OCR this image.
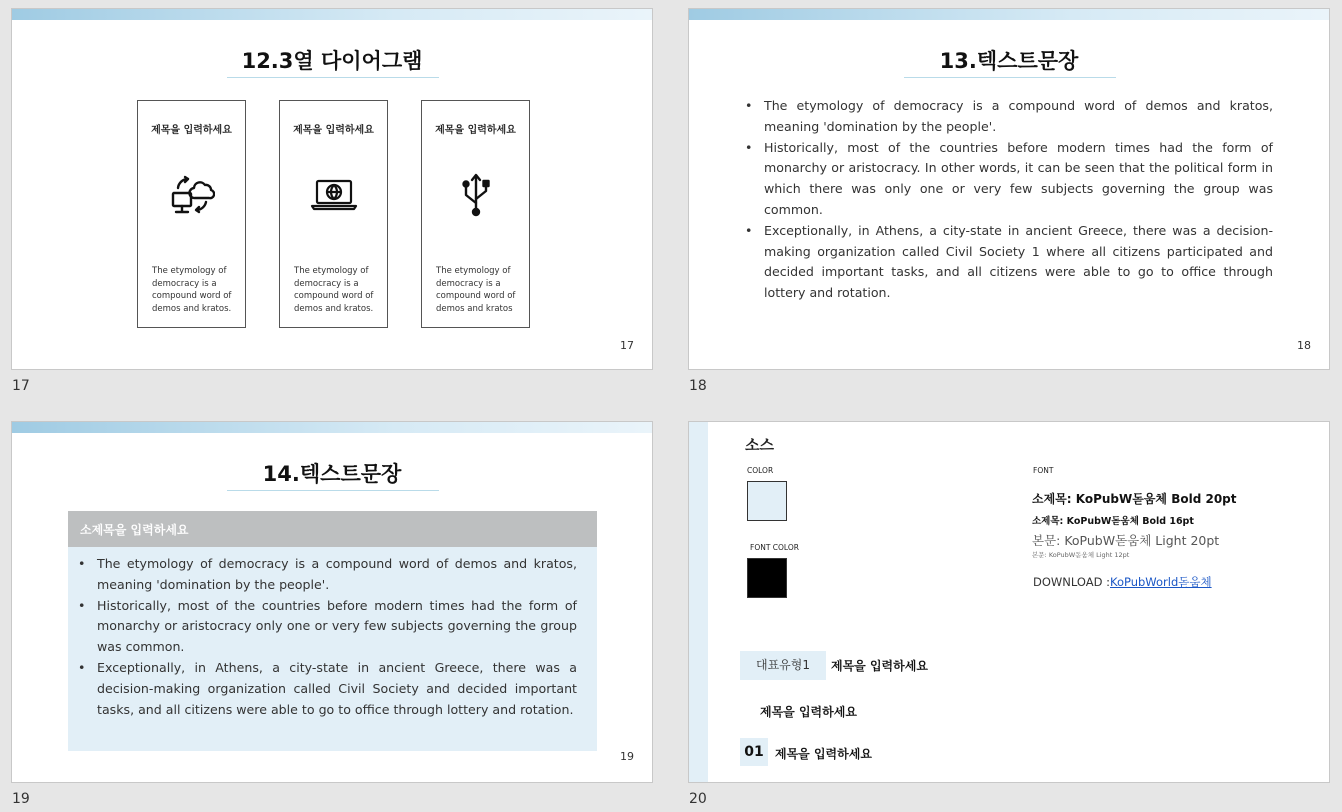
12.3열 다이어그램
제목을 입력하세요
The etymology of democracy is a compound word of demos and kratos.
제목을 입력하세요
The etymology of democracy is a compound word of demos and kratos.
제목을 입력하세요
The etymology of democracy is a compound word of demos and kratos
17
17
13.텍스트문장
• The etymology of democracy is a compound word of demos and kratos, meaning 'domination by the people'.
• Historically, most of the countries before modern times had the form of monarchy or aristocracy. In other words, it can be seen that the political form in which there was only one or very few subjects governing the group was common.
• Exceptionally, in Athens, a city-state in ancient Greece, there was a decision-making organization called Civil Society 1 where all citizens participated and decided important tasks, and all citizens were able to go to office through lottery and rotation.
18
18
14.텍스트문장
소제목을 입력하세요
• The etymology of democracy is a compound word of demos and kratos, meaning 'domination by the people'.
• Historically, most of the countries before modern times had the form of monarchy or aristocracy only one or very few subjects governing the group was common.
• Exceptionally, in Athens, a city-state in ancient Greece, there was a decision-making organization called Civil Society and decided important tasks, and all citizens were able to go to office through lottery and rotation.
19
19
소스
COLOR
FONT COLOR
FONT
소제목: KoPubW돋움체 Bold 20pt
소제목: KoPubW돋움체 Bold 16pt
본문: KoPubW돋움체 Light 20pt
본문: KoPubW돋움체 Light 12pt
DOWNLOAD :KoPubWorld돋움체
대표유형1	제목을 입력하세요
제목을 입력하세요
01 제목을 입력하세요
20
